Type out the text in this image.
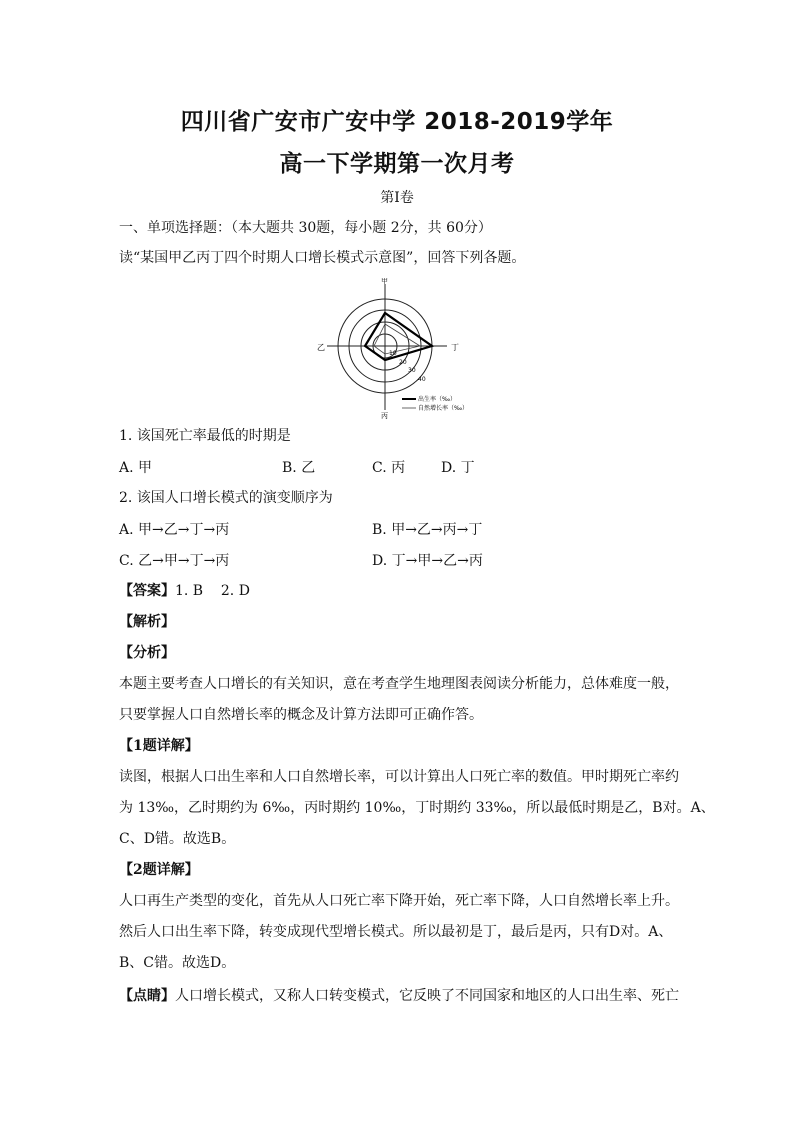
四川省广安市广安中学 2018-2019学年
高一下学期第一次月考
第Ⅰ卷
一、单项选择题：（本大题共 30题，每小题 2分，共 60分）
读“某国甲乙丙丁四个时期人口增长模式示意图”，回答下列各题。
甲
乙	丁
丙
10
20
30
40
出生率（‰）
自然增长率（‰）
1. 该国死亡率最低的时期是
A. 甲	B. 乙	C. 丙	D. 丁
2. 该国人口增长模式的演变顺序为
A. 甲→乙→丁→丙	B. 甲→乙→丙→丁
C. 乙→甲→丁→丙	D. 丁→甲→乙→丙
【答案】1. B    2. D
【解析】
【分析】
本题主要考查人口增长的有关知识，意在考查学生地理图表阅读分析能力，总体难度一般，
只要掌握人口自然增长率的概念及计算方法即可正确作答。
【1题详解】
读图，根据人口出生率和人口自然增长率，可以计算出人口死亡率的数值。甲时期死亡率约
为 13‰，乙时期约为 6‰，丙时期约 10‰，丁时期约 33‰，所以最低时期是乙，B对。A、
C、D错。故选B。
【2题详解】
人口再生产类型的变化，首先从人口死亡率下降开始，死亡率下降，人口自然增长率上升。
然后人口出生率下降，转变成现代型增长模式。所以最初是丁，最后是丙，只有D对。A、
B、C错。故选D。
【点睛】人口增长模式，又称人口转变模式，它反映了不同国家和地区的人口出生率、死亡
